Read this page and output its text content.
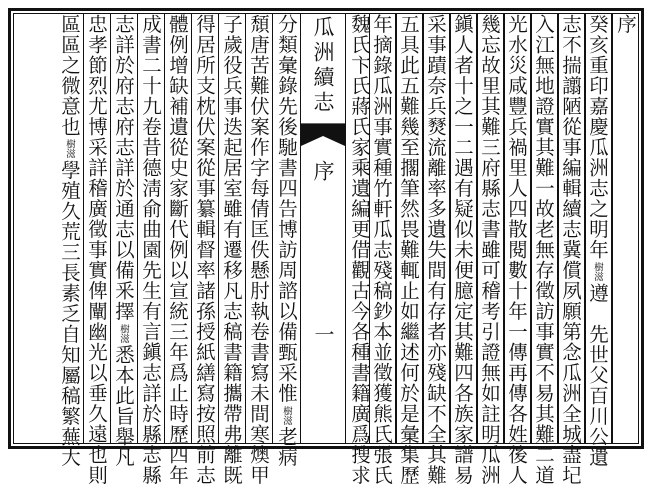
瓜洲續志
序
一
序
癸亥重印嘉慶瓜洲志之明年樹滋遵　先世父百川公遺
志不揣譾陋從事編輯續志冀償夙願第念瓜洲全城盡圮
入江無地證實其難一故老無存徵訪事實不易其難二道
光水災咸豐兵禍里人四散閱數十年一傳再傳各姓後人
幾忘故里其難三府縣志書雖可稽考引證無如註明瓜洲
鎭人者十之一二遇有疑似未便臆定其難四各族家譜易
采事蹟奈兵燹流離率多遺失間有存者亦殘缺不全其難
五具此五難幾至擱筆然畏難輒止如繼述何於是彙集歷
年摘錄瓜洲事實種竹軒瓜志殘稿鈔本並徵獲熊氏張氏
魏氏卞氏蔣氏家乘遺編更借觀古今各種書籍廣爲搜求
分類彙錄先後馳書四告博訪周諮以備甄采惟樹滋老病
頹唐苦難伏案作字每倩匡佚懸肘執卷書寫未間寒燠甲
子歲役兵事迭起居室雖有遷移凡志稿書籍攜帶弗離既
得居所支枕伏案從事纂輯督率諸孫授紙繕寫按照前志
體例增缺補遺從史家斷代例以宣統三年爲止時歷四年
成書二十九卷昔德淸俞曲園先生有言鎭志詳於縣志縣
志詳於府志府志詳於通志以備釆擇樹滋悉本此旨舉凡
忠孝節烈尤博采詳稽廣徵事實俾闡幽光以垂久遠也則
區區之微意也樹滋學殖久荒三長素乏自知屬稿繁蕪大
